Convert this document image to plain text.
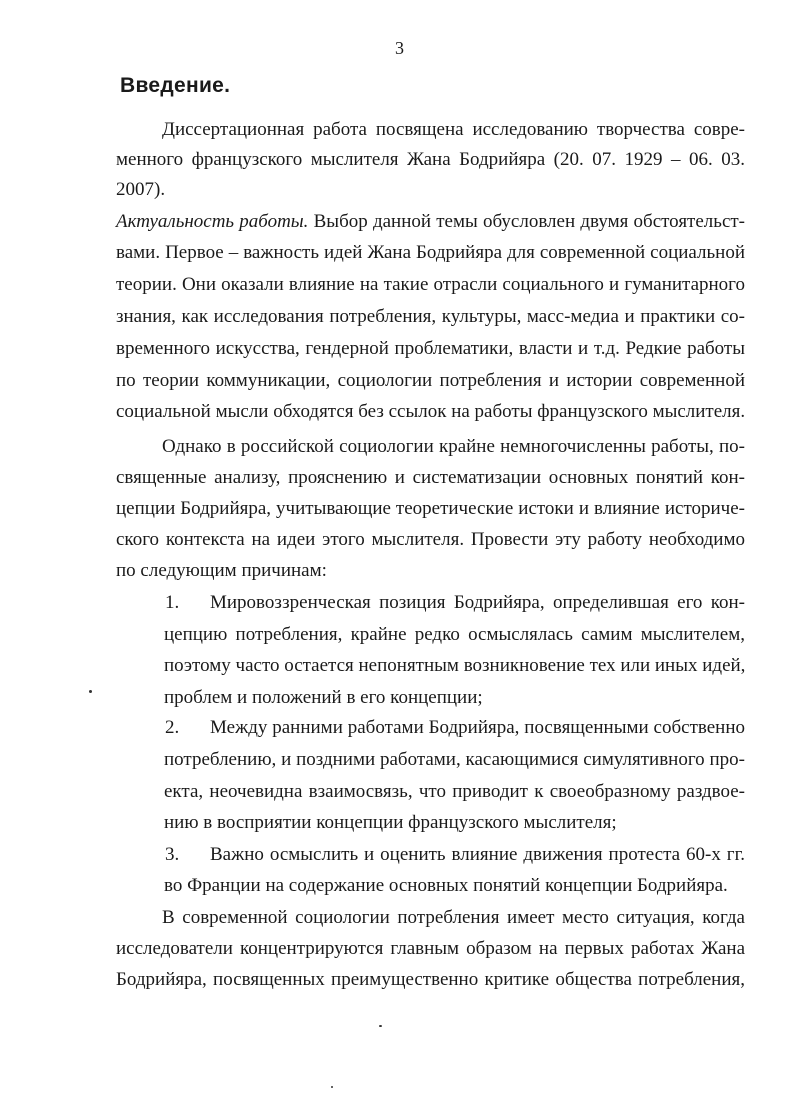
3
Введение.
Диссертационная работа посвящена исследованию творчества совре-
менного французского мыслителя Жана Бодрийяра (20. 07. 1929 – 06. 03.
2007).
Актуальность работы. Выбор данной темы обусловлен двумя обстоятельст-
вами. Первое – важность идей Жана Бодрийяра для современной социальной
теории. Они оказали влияние на такие отрасли социального и гуманитарного
знания, как исследования потребления, культуры, масс-медиа и практики со-
временного искусства, гендерной проблематики, власти и т.д. Редкие работы
по теории коммуникации, социологии потребления и истории современной
социальной мысли обходятся без ссылок на работы французского мыслителя.
Однако в российской социологии крайне немногочисленны работы, по-
священные анализу, прояснению и систематизации основных понятий кон-
цепции Бодрийяра, учитывающие теоретические истоки и влияние историче-
ского контекста на идеи этого мыслителя. Провести эту работу необходимо
по следующим причинам:
1. Мировоззренческая позиция Бодрийяра, определившая его кон-
цепцию потребления, крайне редко осмыслялась самим мыслителем,
поэтому часто остается непонятным возникновение тех или иных идей,
проблем и положений в его концепции;
2. Между ранними работами Бодрийяра, посвященными собственно
потреблению, и поздними работами, касающимися симулятивного про-
екта, неочевидна взаимосвязь, что приводит к своеобразному раздвое-
нию в восприятии концепции французского мыслителя;
3. Важно осмыслить и оценить влияние движения протеста 60-х гг.
во Франции на содержание основных понятий концепции Бодрийяра.
В современной социологии потребления имеет место ситуация, когда
исследователи концентрируются главным образом на первых работах Жана
Бодрийяра, посвященных преимущественно критике общества потребления,
